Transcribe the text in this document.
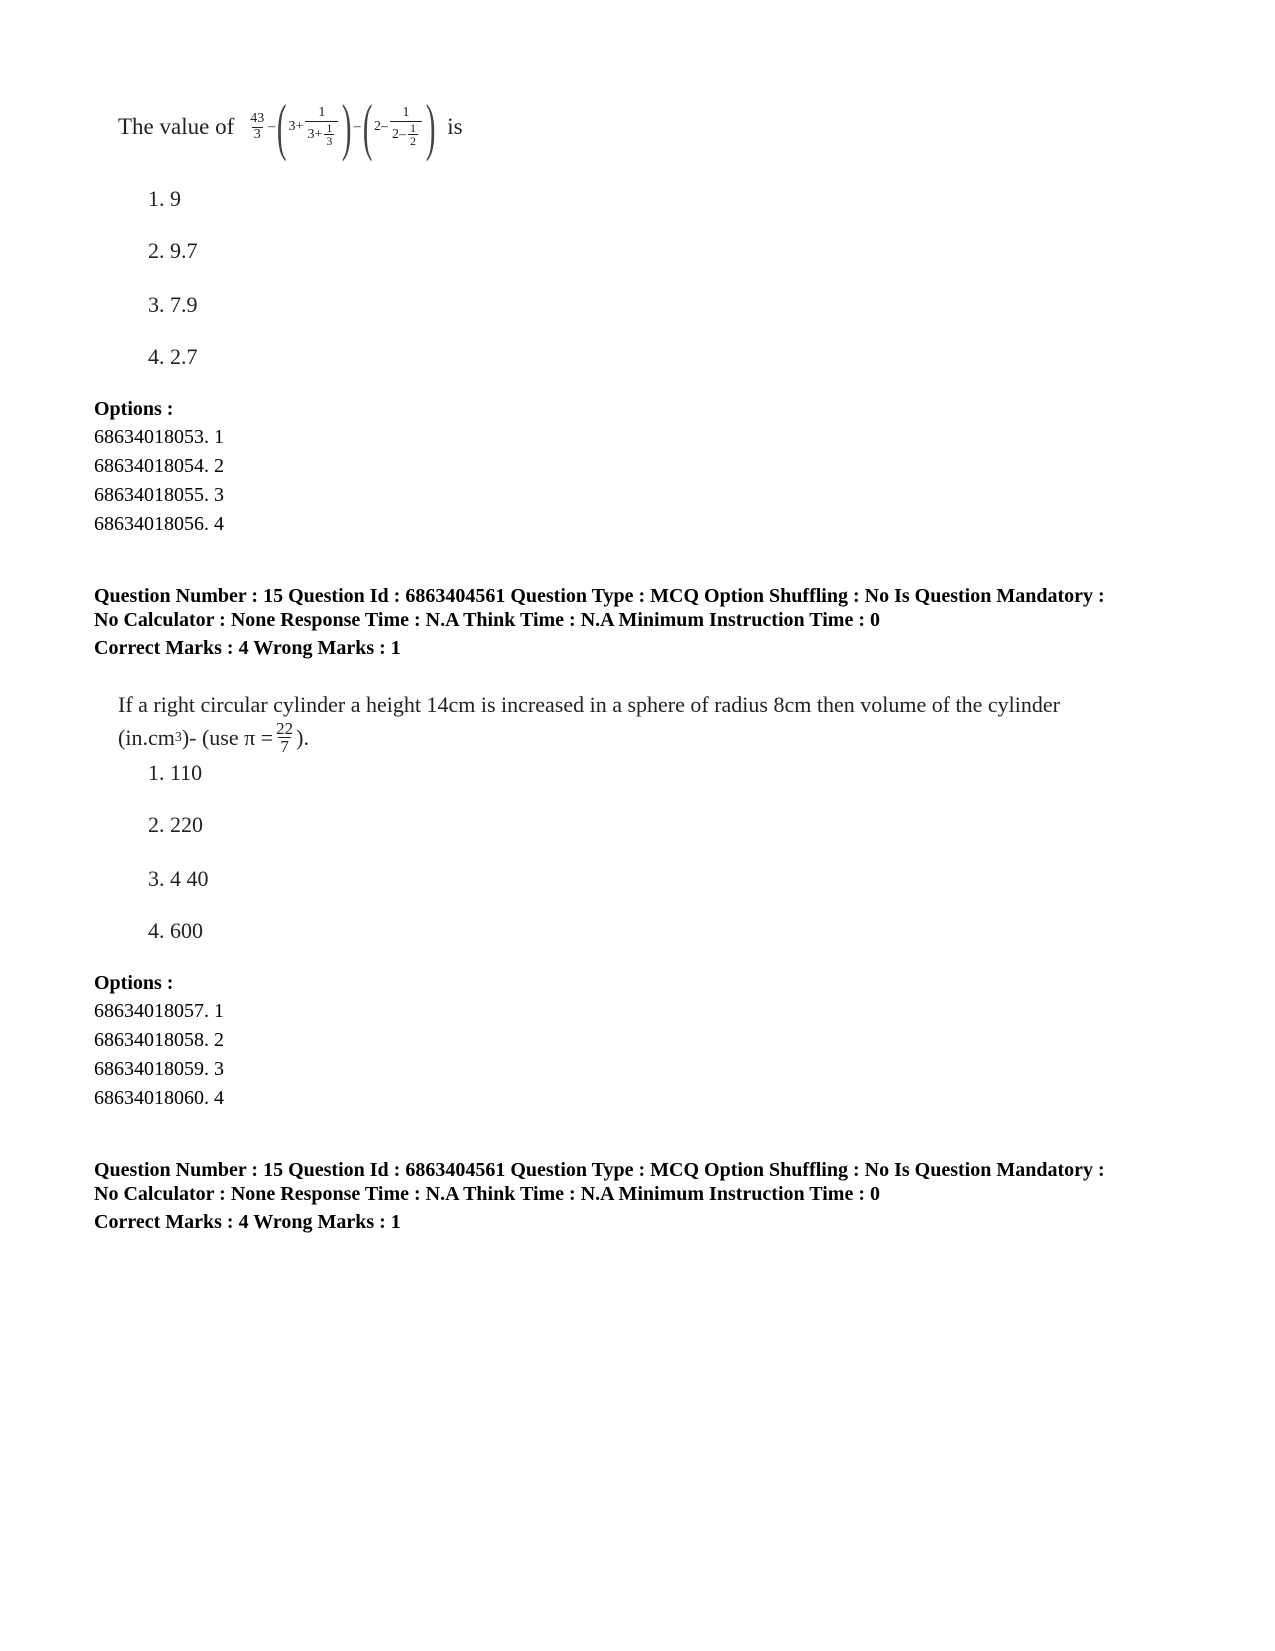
The value of $\frac{43}{3}$ – ( $3+ \frac{1}{3+ \frac{1}{3}}$ ) – ( $2- \frac{1}{2- \frac{1}{2}}$ ) is
1. 9
2. 9.7
3. 7.9
4. 2.7
Options :
68634018053. 1
68634018054. 2
68634018055. 3
68634018056. 4
Question Number : 15 Question Id : 6863404561 Question Type : MCQ Option Shuffling : No Is Question Mandatory :
No Calculator : None Response Time : N.A Think Time : N.A Minimum Instruction Time : 0
Correct Marks : 4 Wrong Marks : 1
If a right circular cylinder a height 14cm is increased in a sphere of radius 8cm then volume of the cylinder
(in.cm 3 )- (use $\pi = \frac{22}{7}$ ).
1. 110
2. 220
3. 4 40
4. 600
Options :
68634018057. 1
68634018058. 2
68634018059. 3
68634018060. 4
Question Number : 15 Question Id : 6863404561 Question Type : MCQ Option Shuffling : No Is Question Mandatory :
No Calculator : None Response Time : N.A Think Time : N.A Minimum Instruction Time : 0
Correct Marks : 4 Wrong Marks : 1
